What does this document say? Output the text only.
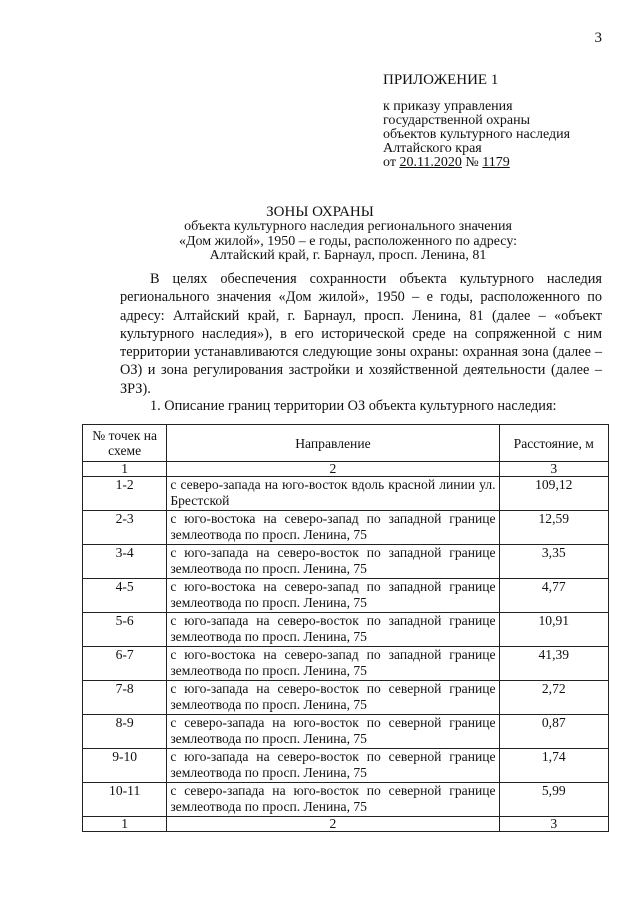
3
ПРИЛОЖЕНИЕ 1
к приказу управления
государственной охраны
объектов культурного наследия
Алтайского края
от 20.11.2020 № 1179
ЗОНЫ ОХРАНЫ
объекта культурного наследия регионального значения
«Дом жилой», 1950 – е годы, расположенного по адресу:
Алтайский край, г. Барнаул, просп. Ленина, 81

В целях обеспечения сохранности объекта культурного наследия регионального значения «Дом жилой», 1950 – е годы, расположенного по адресу: Алтайский край, г. Барнаул, просп. Ленина, 81 (далее – «объект культурного наследия»), в его исторической среде на сопряженной с ним территории устанавливаются следующие зоны охраны: охранная зона (далее – ОЗ) и зона регулирования застройки и хозяйственной деятельности (далее – ЗРЗ).

1. Описание границ территории ОЗ объекта культурного наследия:
№ точек на схеме	Направление	Расстояние, м
1	2	3
1-2	с северо-запада на юго-восток вдоль красной линии ул. Брестской	109,12
2-3	с юго-востока на северо-запад по западной границе землеотвода по просп. Ленина, 75	12,59
3-4	с юго-запада на северо-восток по западной границе землеотвода по просп. Ленина, 75	3,35
4-5	с юго-востока на северо-запад по западной границе землеотвода по просп. Ленина, 75	4,77
5-6	с юго-запада на северо-восток по западной границе землеотвода по просп. Ленина, 75	10,91
6-7	с юго-востока на северо-запад по западной границе землеотвода по просп. Ленина, 75	41,39
7-8	с юго-запада на северо-восток по северной границе землеотвода по просп. Ленина, 75	2,72
8-9	с северо-запада на юго-восток по северной границе землеотвода по просп. Ленина, 75	0,87
9-10	с юго-запада на северо-восток по северной границе землеотвода по просп. Ленина, 75	1,74
10-11	с северо-запада на юго-восток по северной границе землеотвода по просп. Ленина, 75	5,99
1	2	3
